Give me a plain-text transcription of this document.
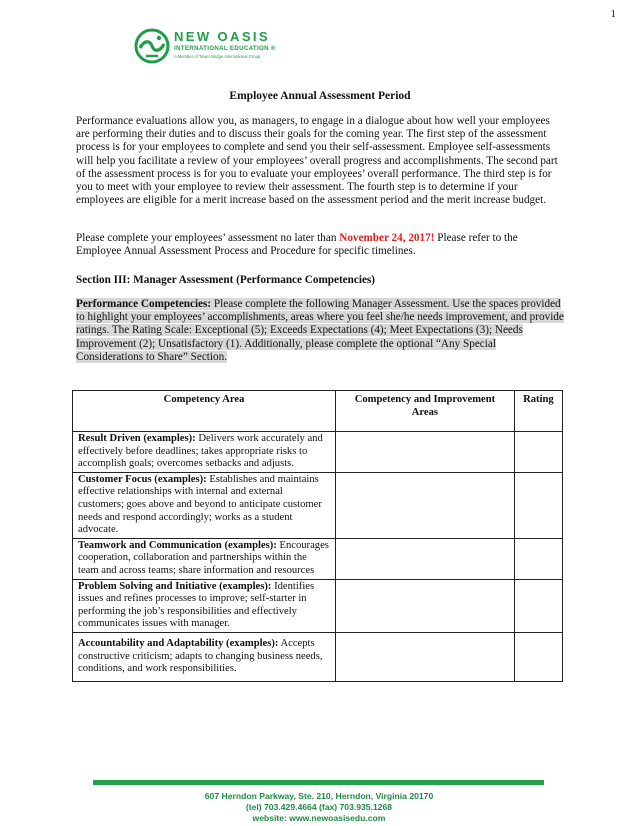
1
NEW OASIS
INTERNATIONAL EDUCATION ®
A Member of Tower Bridge International Group
Employee Annual Assessment Period
Performance evaluations allow you, as managers, to engage in a dialogue about how well your employees are performing their duties and to discuss their goals for the coming year. The first step of the assessment process is for your employees to complete and send you their self-assessment. Employee self-assessments will help you facilitate a review of your employees’ overall progress and accomplishments. The second part of the assessment process is for you to evaluate your employees’ overall performance. The third step is for you to meet with your employee to review their assessment. The fourth step is to determine if your employees are eligible for a merit increase based on the assessment period and the merit increase budget.
Please complete your employees’ assessment no later than November 24, 2017! Please refer to the Employee Annual Assessment Process and Procedure for specific timelines.
Section III: Manager Assessment (Performance Competencies)
Performance Competencies: Please complete the following Manager Assessment. Use the spaces provided to highlight your employees’ accomplishments, areas where you feel she/he needs improvement, and provide ratings. The Rating Scale: Exceptional (5); Exceeds Expectations (4); Meet Expectations (3); Needs Improvement (2); Unsatisfactory (1). Additionally, please complete the optional “Any Special Considerations to Share” Section.
Competency Area	Competency and Improvement Areas	Rating
Result Driven (examples): Delivers work accurately and effectively before deadlines; takes appropriate risks to accomplish goals; overcomes setbacks and adjusts.		
Customer Focus (examples): Establishes and maintains effective relationships with internal and external customers; goes above and beyond to anticipate customer needs and respond accordingly; works as a student advocate.		
Teamwork and Communication (examples): Encourages cooperation, collaboration and partnerships within the team and across teams; share information and resources		
Problem Solving and Initiative (examples): Identifies issues and refines processes to improve; self-starter in performing the job’s responsibilities and effectively communicates issues with manager.		
Accountability and Adaptability (examples): Accepts constructive criticism; adapts to changing business needs, conditions, and work responsibilities.		
607 Herndon Parkway, Ste. 210, Herndon, Virginia 20170
(tel) 703.429.4664 (fax) 703.935.1268
website: www.newoasisedu.com
